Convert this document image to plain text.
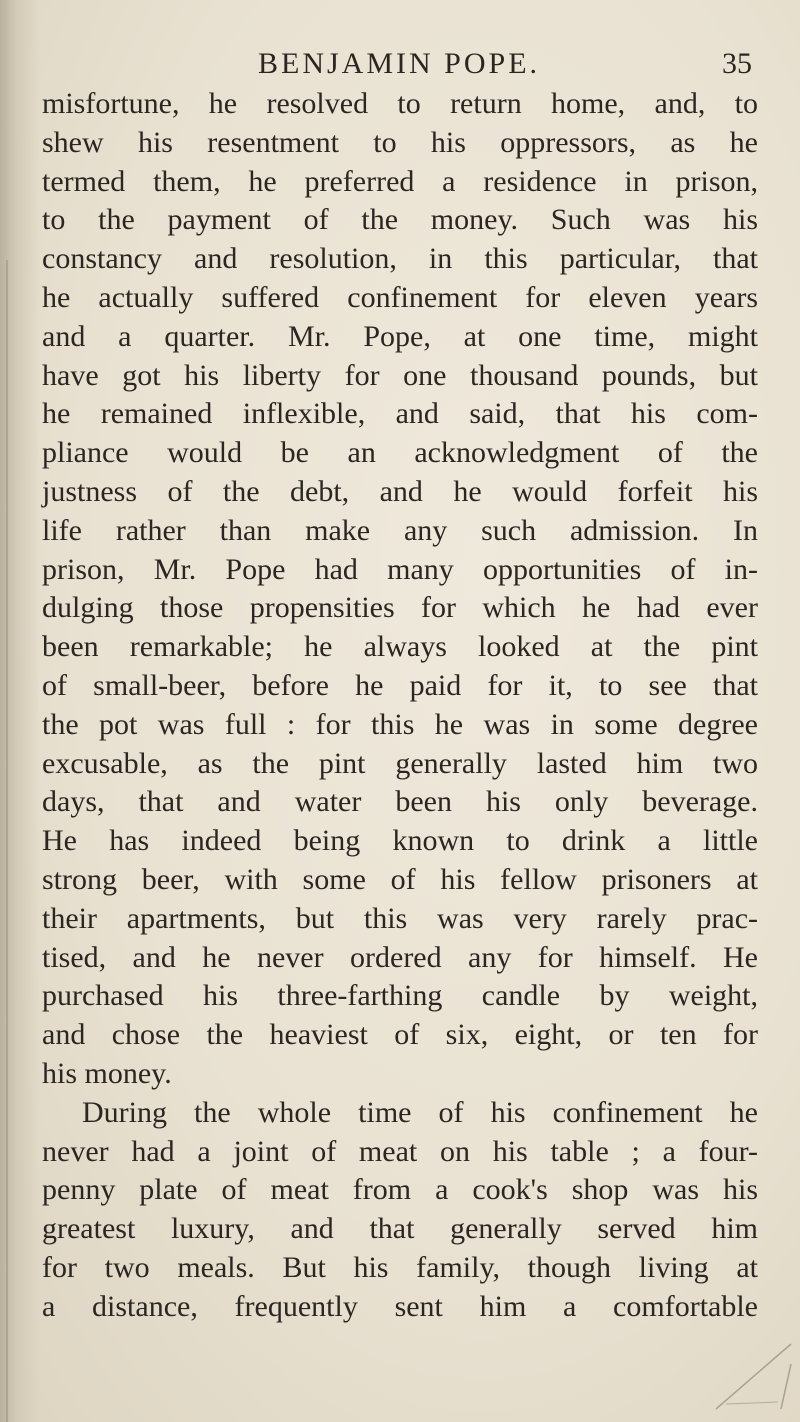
BENJAMIN POPE.	35
misfortune, he resolved to return home, and, to
shew his resentment to his oppressors, as he
termed them, he preferred a residence in prison,
to the payment of the money. Such was his
constancy and resolution, in this particular, that
he actually suffered confinement for eleven years
and a quarter. Mr. Pope, at one time, might
have got his liberty for one thousand pounds, but
he remained inflexible, and said, that his com-
pliance would be an acknowledgment of the
justness of the debt, and he would forfeit his
life rather than make any such admission. In
prison, Mr. Pope had many opportunities of in-
dulging those propensities for which he had ever
been remarkable; he always looked at the pint
of small-beer, before he paid for it, to see that
the pot was full : for this he was in some degree
excusable, as the pint generally lasted him two
days, that and water been his only beverage.
He has indeed being known to drink a little
strong beer, with some of his fellow prisoners at
their apartments, but this was very rarely prac-
tised, and he never ordered any for himself. He
purchased his three-farthing candle by weight,
and chose the heaviest of six, eight, or ten for
his money.
During the whole time of his confinement he
never had a joint of meat on his table ; a four-
penny plate of meat from a cook's shop was his
greatest luxury, and that generally served him
for two meals. But his family, though living at
a distance, frequently sent him a comfortable
